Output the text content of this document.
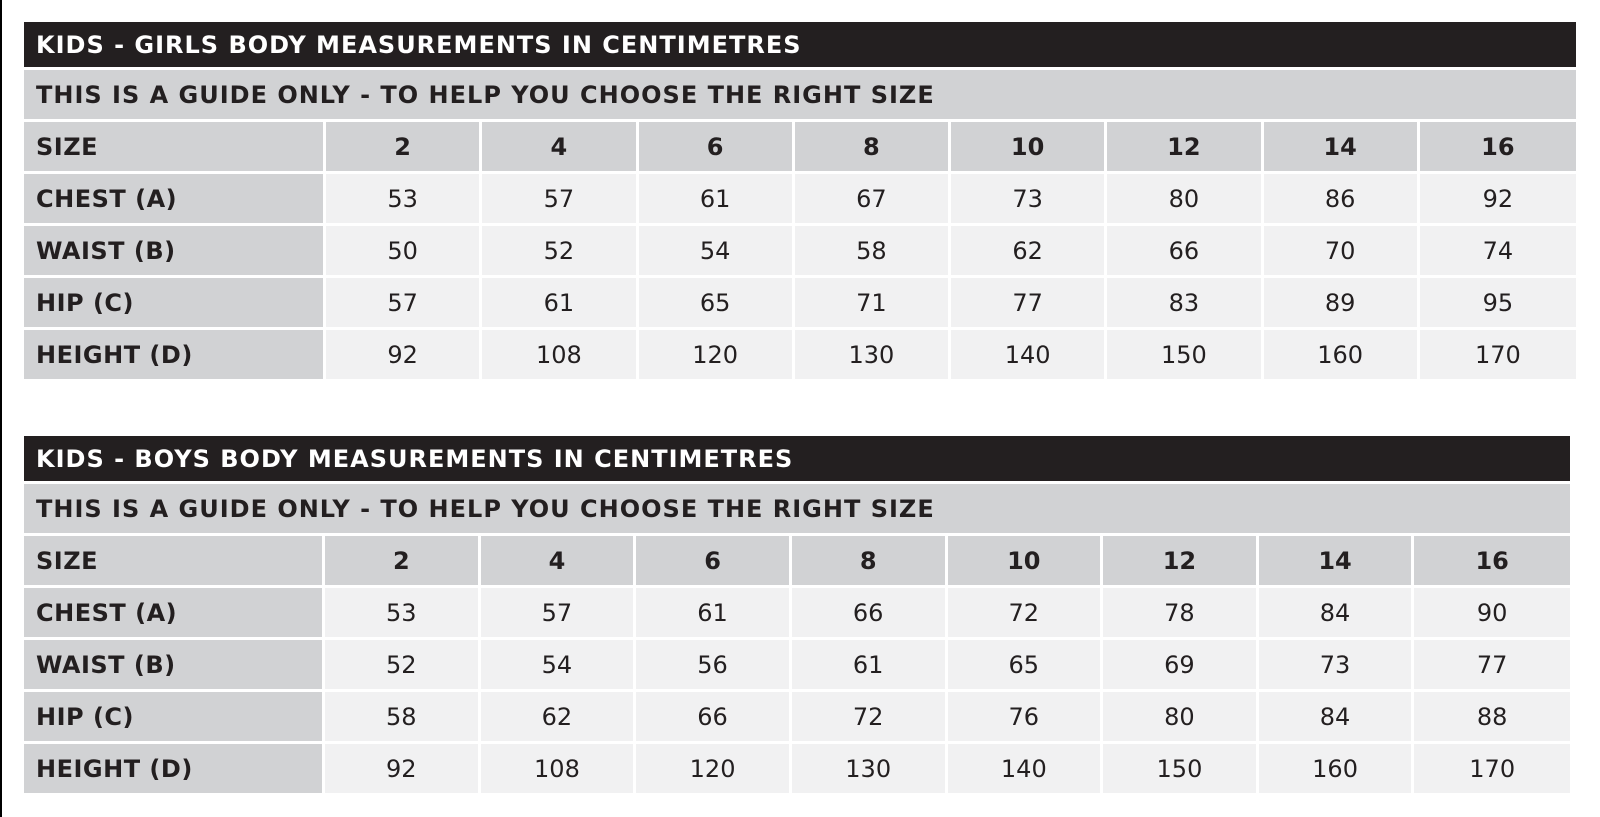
KIDS - GIRLS BODY MEASUREMENTS IN CENTIMETRES								
THIS IS A GUIDE ONLY - TO HELP YOU CHOOSE THE RIGHT SIZE								
SIZE	2	4	6	8	10	12	14	16
CHEST (A)	53	57	61	67	73	80	86	92
WAIST (B)	50	52	54	58	62	66	70	74
HIP (C)	57	61	65	71	77	83	89	95
HEIGHT (D)	92	108	120	130	140	150	160	170
KIDS - BOYS BODY MEASUREMENTS IN CENTIMETRES								
THIS IS A GUIDE ONLY - TO HELP YOU CHOOSE THE RIGHT SIZE								
SIZE	2	4	6	8	10	12	14	16
CHEST (A)	53	57	61	66	72	78	84	90
WAIST (B)	52	54	56	61	65	69	73	77
HIP (C)	58	62	66	72	76	80	84	88
HEIGHT (D)	92	108	120	130	140	150	160	170
